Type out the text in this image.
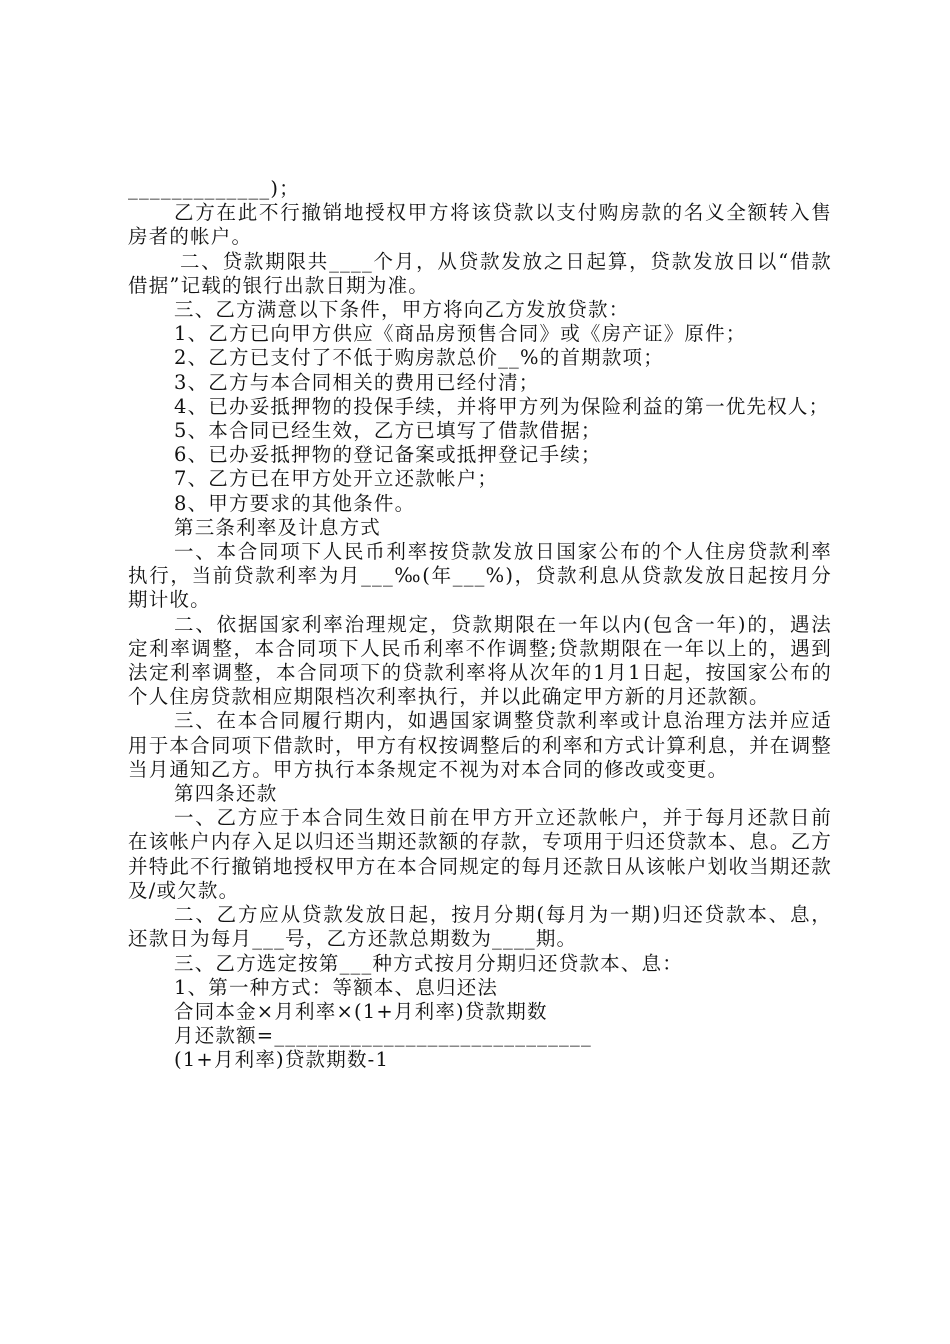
_____________)；

乙方在此不行撤销地授权甲方将该贷款以支付购房款的名义全额转入售房者的帐户。

二、贷款期限共____个月，从贷款发放之日起算，贷款发放日以“借款借据”记载的银行出款日期为准。

三、乙方满意以下条件，甲方将向乙方发放贷款：

1、乙方已向甲方供应《商品房预售合同》或《房产证》原件；

2、乙方已支付了不低于购房款总价__%的首期款项；

3、乙方与本合同相关的费用已经付清；

4、已办妥抵押物的投保手续，并将甲方列为保险利益的第一优先权人；

5、本合同已经生效，乙方已填写了借款借据；

6、已办妥抵押物的登记备案或抵押登记手续；

7、乙方已在甲方处开立还款帐户；

8、甲方要求的其他条件。

第三条利率及计息方式

一、本合同项下人民币利率按贷款发放日国家公布的个人住房贷款利率执行，当前贷款利率为月___‰(年___%)，贷款利息从贷款发放日起按月分期计收。

二、依据国家利率治理规定，贷款期限在一年以内(包含一年)的，遇法定利率调整，本合同项下人民币利率不作调整;贷款期限在一年以上的，遇到法定利率调整，本合同项下的贷款利率将从次年的1月1日起，按国家公布的个人住房贷款相应期限档次利率执行，并以此确定甲方新的月还款额。

三、在本合同履行期内，如遇国家调整贷款利率或计息治理方法并应适用于本合同项下借款时，甲方有权按调整后的利率和方式计算利息，并在调整当月通知乙方。甲方执行本条规定不视为对本合同的修改或变更。

第四条还款

一、乙方应于本合同生效日前在甲方开立还款帐户，并于每月还款日前在该帐户内存入足以归还当期还款额的存款，专项用于归还贷款本、息。乙方并特此不行撤销地授权甲方在本合同规定的每月还款日从该帐户划收当期还款及/或欠款。

二、乙方应从贷款发放日起，按月分期(每月为一期)归还贷款本、息，还款日为每月___号，乙方还款总期数为____期。

三、乙方选定按第___种方式按月分期归还贷款本、息：

1、第一种方式：等额本、息归还法

合同本金×月利率×(1+月利率)贷款期数

月还款额=_____________________________

(1+月利率)贷款期数-1
